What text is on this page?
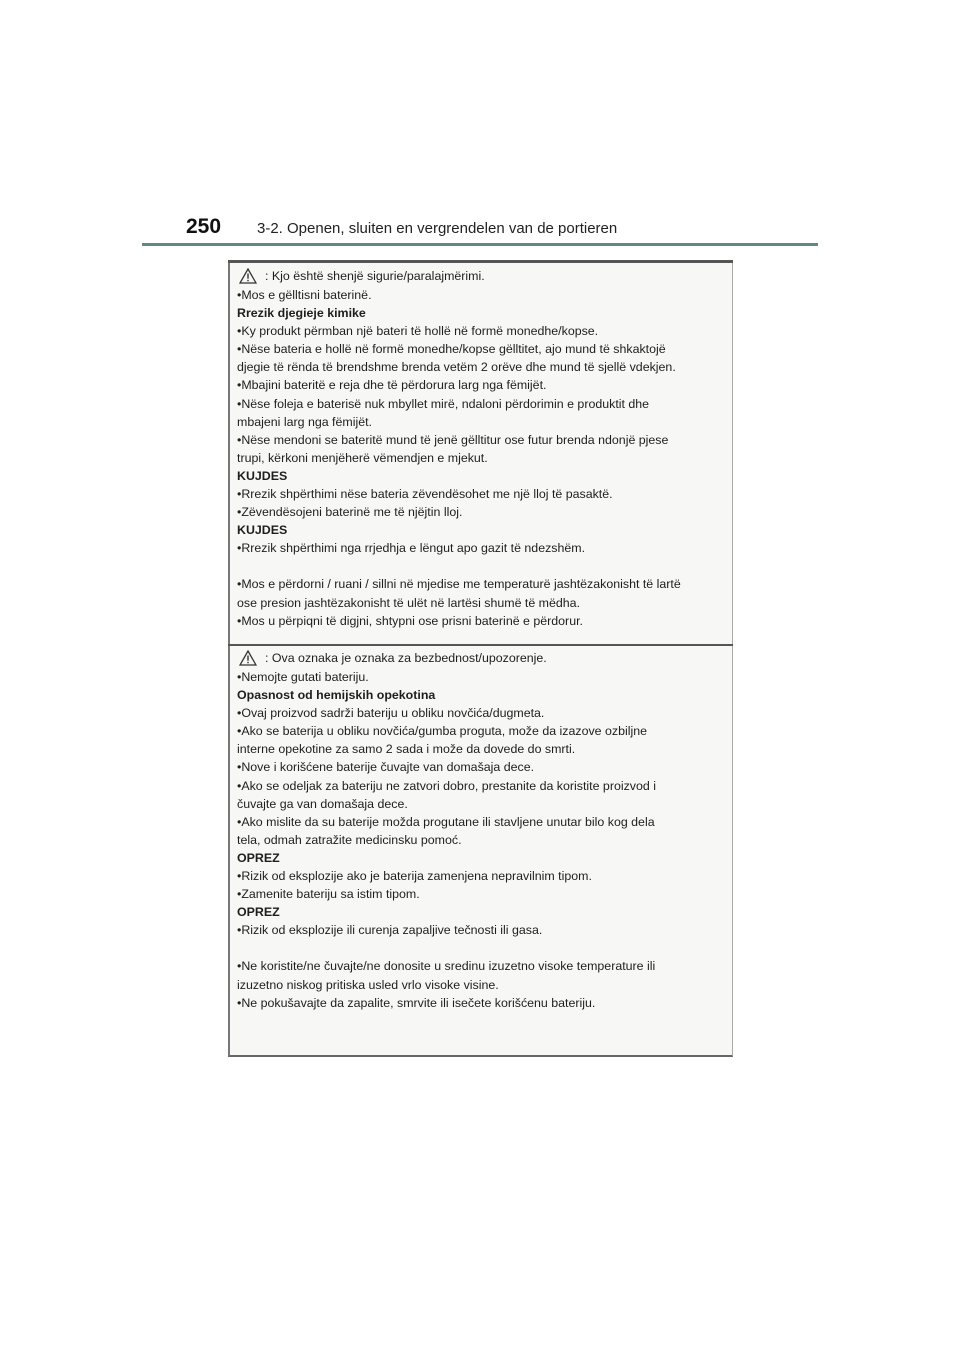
250 3-2. Openen, sluiten en vergrendelen van de portieren
: Kjo është shenjë sigurie/paralajmërimi.
•Mos e gëlltisni baterinë.
Rrezik djegieje kimike
•Ky produkt përmban një bateri të hollë në formë monedhe/kopse.
•Nëse bateria e hollë në formë monedhe/kopse gëlltitet, ajo mund të shkaktojë
djegie të rënda të brendshme brenda vetëm 2 orëve dhe mund të sjellë vdekjen.
•Mbajini bateritë e reja dhe të përdorura larg nga fëmijët.
•Nëse foleja e baterisë nuk mbyllet mirë, ndaloni përdorimin e produktit dhe
mbajeni larg nga fëmijët.
•Nëse mendoni se bateritë mund të jenë gëlltitur ose futur brenda ndonjë pjese
trupi, kërkoni menjëherë vëmendjen e mjekut.
KUJDES
•Rrezik shpërthimi nëse bateria zëvendësohet me një lloj të pasaktë.
•Zëvendësojeni baterinë me të njëjtin lloj.
KUJDES
•Rrezik shpërthimi nga rrjedhja e lëngut apo gazit të ndezshëm.
•Mos e përdorni / ruani / sillni në mjedise me temperaturë jashtëzakonisht të lartë
ose presion jashtëzakonisht të ulët në lartësi shumë të mëdha.
•Mos u përpiqni të digjni, shtypni ose prisni baterinë e përdorur.
: Ova oznaka je oznaka za bezbednost/upozorenje.
•Nemojte gutati bateriju.
Opasnost od hemijskih opekotina
•Ovaj proizvod sadrži bateriju u obliku novčića/dugmeta.
•Ako se baterija u obliku novčića/gumba proguta, može da izazove ozbiljne
interne opekotine za samo 2 sada i može da dovede do smrti.
•Nove i korišćene baterije čuvajte van domašaja dece.
•Ako se odeljak za bateriju ne zatvori dobro, prestanite da koristite proizvod i
čuvajte ga van domašaja dece.
•Ako mislite da su baterije možda progutane ili stavljene unutar bilo kog dela
tela, odmah zatražite medicinsku pomoć.
OPREZ
•Rizik od eksplozije ako je baterija zamenjena nepravilnim tipom.
•Zamenite bateriju sa istim tipom.
OPREZ
•Rizik od eksplozije ili curenja zapaljive tečnosti ili gasa.
•Ne koristite/ne čuvajte/ne donosite u sredinu izuzetno visoke temperature ili
izuzetno niskog pritiska usled vrlo visoke visine.
•Ne pokušavajte da zapalite, smrvite ili isečete korišćenu bateriju.
